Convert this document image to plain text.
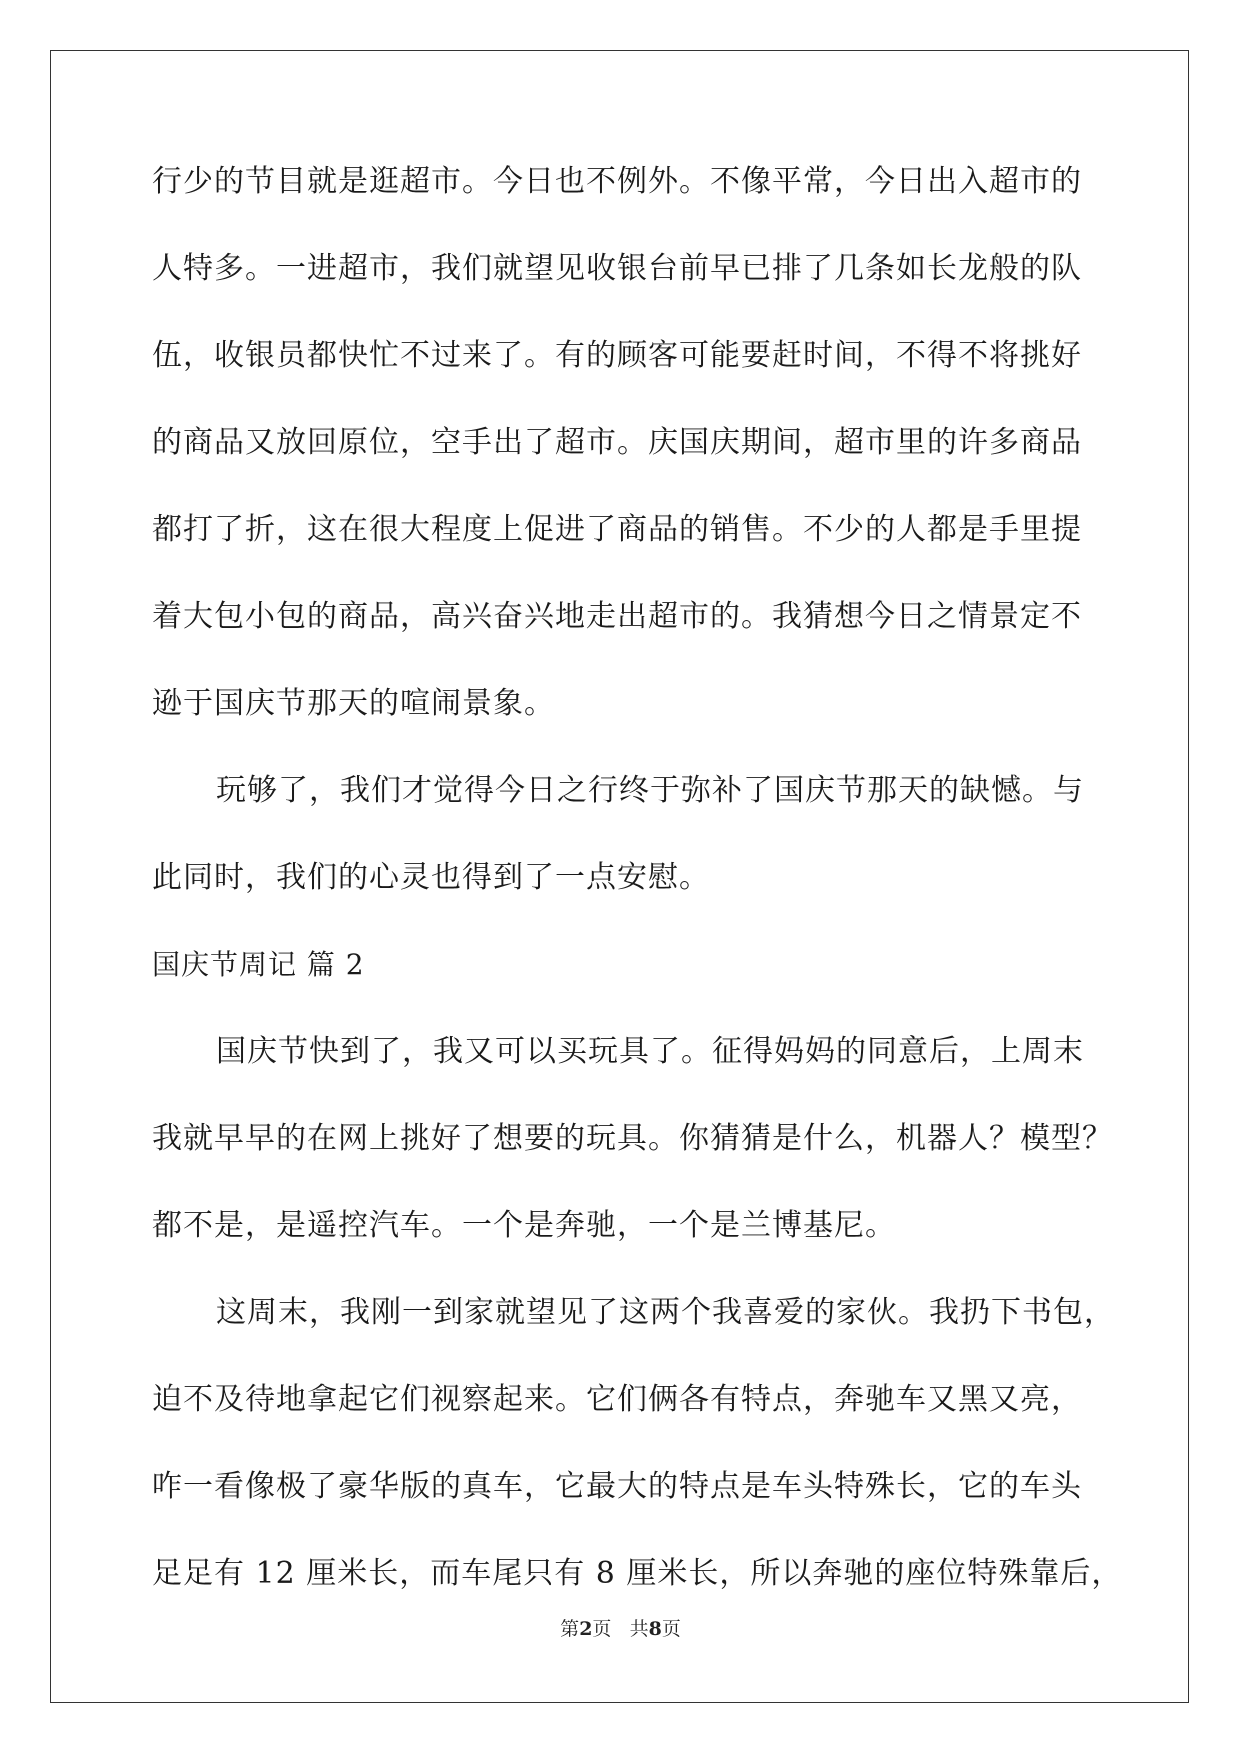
行少的节目就是逛超市。今日也不例外。不像平常，今日出入超市的
人特多。一进超市，我们就望见收银台前早已排了几条如长龙般的队
伍，收银员都快忙不过来了。有的顾客可能要赶时间，不得不将挑好
的商品又放回原位，空手出了超市。庆国庆期间，超市里的许多商品
都打了折，这在很大程度上促进了商品的销售。不少的人都是手里提
着大包小包的商品，高兴奋兴地走出超市的。我猜想今日之情景定不
逊于国庆节那天的喧闹景象。
玩够了，我们才觉得今日之行终于弥补了国庆节那天的缺憾。与
此同时，我们的心灵也得到了一点安慰。
国庆节周记 篇 2
国庆节快到了，我又可以买玩具了。征得妈妈的同意后，上周末
我就早早的在网上挑好了想要的玩具。你猜猜是什么，机器人？模型？
都不是，是遥控汽车。一个是奔驰，一个是兰博基尼。
这周末，我刚一到家就望见了这两个我喜爱的家伙。我扔下书包，
迫不及待地拿起它们视察起来。它们俩各有特点，奔驰车又黑又亮，
咋一看像极了豪华版的真车，它最大的特点是车头特殊长，它的车头
足足有 12 厘米长，而车尾只有 8 厘米长，所以奔驰的座位特殊靠后，
第2页 共8页
